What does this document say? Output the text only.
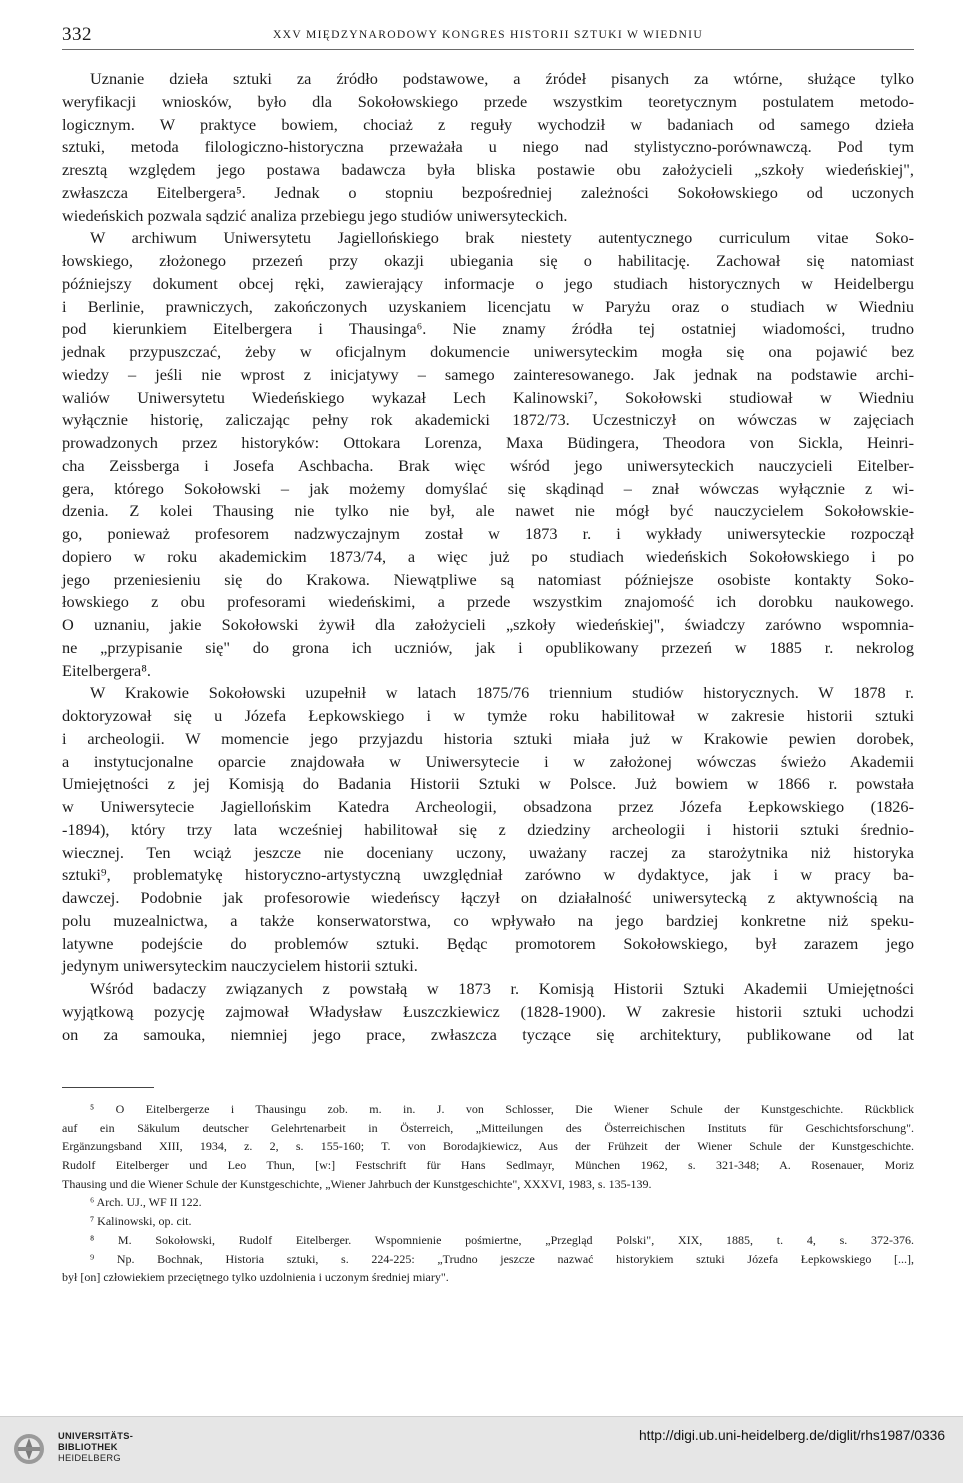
332	XXV MIĘDZYNARODOWY KONGRES HISTORII SZTUKI W WIEDNIU
Uznanie dzieła sztuki za źródło podstawowe, a źródeł pisanych za wtórne, służące tylko
weryfikacji wniosków, było dla Sokołowskiego przede wszystkim teoretycznym postulatem metodo-
logicznym. W praktyce bowiem, chociaż z reguły wychodził w badaniach od samego dzieła
sztuki, metoda filologiczno-historyczna przeważała u niego nad stylistyczno-porównawczą. Pod tym
zresztą względem jego postawa badawcza była bliska postawie obu założycieli „szkoły wiedeńskiej",
zwłaszcza Eitelbergera⁵. Jednak o stopniu bezpośredniej zależności Sokołowskiego od uczonych
wiedeńskich pozwala sądzić analiza przebiegu jego studiów uniwersyteckich.
W archiwum Uniwersytetu Jagiellońskiego brak niestety autentycznego curriculum vitae Soko-
łowskiego, złożonego przezeń przy okazji ubiegania się o habilitację. Zachował się natomiast
późniejszy dokument obcej ręki, zawierający informacje o jego studiach historycznych w Heidelbergu
i Berlinie, prawniczych, zakończonych uzyskaniem licencjatu w Paryżu oraz o studiach w Wiedniu
pod kierunkiem Eitelbergera i Thausinga⁶. Nie znamy źródła tej ostatniej wiadomości, trudno
jednak przypuszczać, żeby w oficjalnym dokumencie uniwersyteckim mogła się ona pojawić bez
wiedzy – jeśli nie wprost z inicjatywy – samego zainteresowanego. Jak jednak na podstawie archi-
waliów Uniwersytetu Wiedeńskiego wykazał Lech Kalinowski⁷, Sokołowski studiował w Wiedniu
wyłącznie historię, zaliczając pełny rok akademicki 1872/73. Uczestniczył on wówczas w zajęciach
prowadzonych przez historyków: Ottokara Lorenza, Maxa Büdingera, Theodora von Sickla, Heinri-
cha Zeissberga i Josefa Aschbacha. Brak więc wśród jego uniwersyteckich nauczycieli Eitelber-
gera, którego Sokołowski – jak możemy domyślać się skądinąd – znał wówczas wyłącznie z wi-
dzenia. Z kolei Thausing nie tylko nie był, ale nawet nie mógł być nauczycielem Sokołowskie-
go, ponieważ profesorem nadzwyczajnym został w 1873 r. i wykłady uniwersyteckie rozpoczął
dopiero w roku akademickim 1873/74, a więc już po studiach wiedeńskich Sokołowskiego i po
jego przeniesieniu się do Krakowa. Niewątpliwe są natomiast późniejsze osobiste kontakty Soko-
łowskiego z obu profesorami wiedeńskimi, a przede wszystkim znajomość ich dorobku naukowego.
O uznaniu, jakie Sokołowski żywił dla założycieli „szkoły wiedeńskiej", świadczy zarówno wspomnia-
ne „przypisanie się" do grona ich uczniów, jak i opublikowany przezeń w 1885 r. nekrolog
Eitelbergera⁸.
W Krakowie Sokołowski uzupełnił w latach 1875/76 triennium studiów historycznych. W 1878 r.
doktoryzował się u Józefa Łepkowskiego i w tymże roku habilitował w zakresie historii sztuki
i archeologii. W momencie jego przyjazdu historia sztuki miała już w Krakowie pewien dorobek,
a instytucjonalne oparcie znajdowała w Uniwersytecie i w założonej wówczas świeżo Akademii
Umiejętności z jej Komisją do Badania Historii Sztuki w Polsce. Już bowiem w 1866 r. powstała
w Uniwersytecie Jagiellońskim Katedra Archeologii, obsadzona przez Józefa Łepkowskiego (1826-
-1894), który trzy lata wcześniej habilitował się z dziedziny archeologii i historii sztuki średnio-
wiecznej. Ten wciąż jeszcze nie doceniany uczony, uważany raczej za starożytnika niż historyka
sztuki⁹, problematykę historyczno-artystyczną uwzględniał zarówno w dydaktyce, jak i w pracy ba-
dawczej. Podobnie jak profesorowie wiedeńscy łączył on działalność uniwersytecką z aktywnością na
polu muzealnictwa, a także konserwatorstwa, co wpływało na jego bardziej konkretne niż speku-
latywne podejście do problemów sztuki. Będąc promotorem Sokołowskiego, był zarazem jego
jedynym uniwersyteckim nauczycielem historii sztuki.
Wśród badaczy związanych z powstałą w 1873 r. Komisją Historii Sztuki Akademii Umiejętności
wyjątkową pozycję zajmował Władysław Łuszczkiewicz (1828-1900). W zakresie historii sztuki uchodzi
on za samouka, niemniej jego prace, zwłaszcza tyczące się architektury, publikowane od lat
⁵ O Eitelbergerze i Thausingu zob. m. in. J. von Schlosser, Die Wiener Schule der Kunstgeschichte. Rückblick
auf ein Säkulum deutscher Gelehrtenarbeit in Österreich, „Mitteilungen des Österreichischen Instituts für Geschichtsforschung".
Ergänzungsband XIII, 1934, z. 2, s. 155-160; T. von Borodajkiewicz, Aus der Frühzeit der Wiener Schule der Kunstgeschichte.
Rudolf Eitelberger und Leo Thun, [w:] Festschrift für Hans Sedlmayr, München 1962, s. 321-348; A. Rosenauer, Moriz
Thausing und die Wiener Schule der Kunstgeschichte, „Wiener Jahrbuch der Kunstgeschichte", XXXVI, 1983, s. 135-139.
⁶ Arch. UJ., WF II 122.
⁷ Kalinowski, op. cit.
⁸ M. Sokołowski, Rudolf Eitelberger. Wspomnienie pośmiertne, „Przegląd Polski", XIX, 1885, t. 4, s. 372-376.
⁹ Np. Bochnak, Historia sztuki, s. 224-225: „Trudno jeszcze nazwać historykiem sztuki Józefa Łepkowskiego [...],
był [on] człowiekiem przeciętnego tylko uzdolnienia i uczonym średniej miary".
UNIVERSITÄTS-
BIBLIOTHEK
HEIDELBERG
http://digi.ub.uni-heidelberg.de/diglit/rhs1987/0336
